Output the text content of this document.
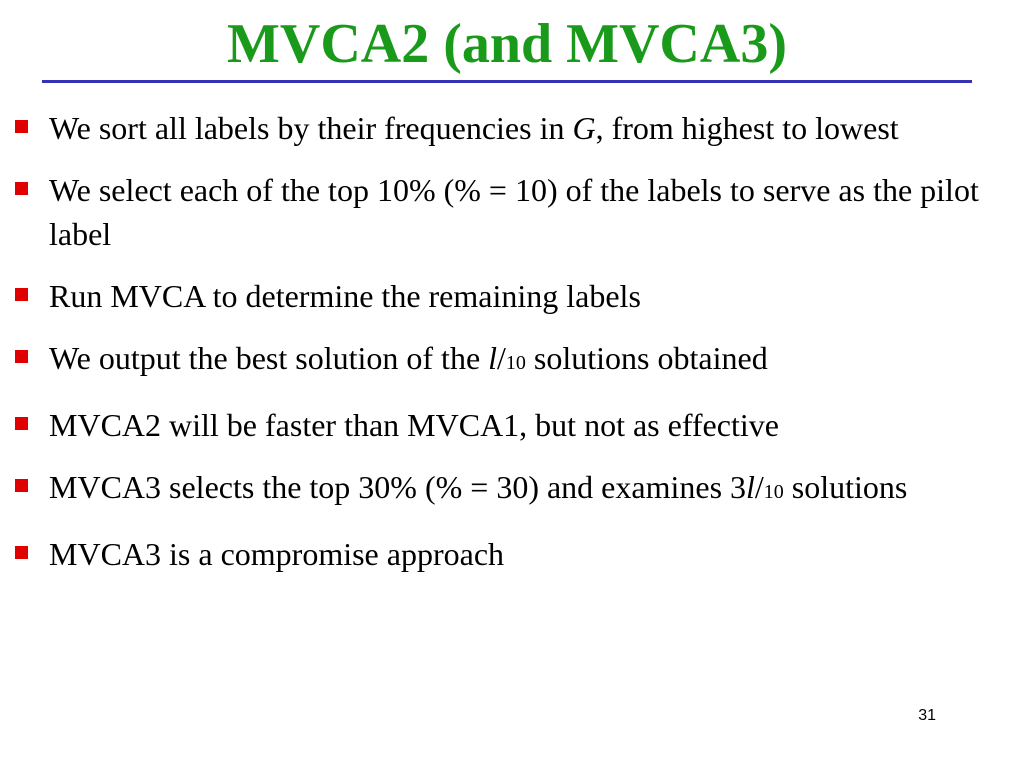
MVCA2 (and MVCA3)
We sort all labels by their frequencies in G, from highest to lowest
We select each of the top 10% (% = 10) of the labels to serve as the pilot label
Run MVCA to determine the remaining labels
We output the best solution of the l/10 solutions obtained
MVCA2 will be faster than MVCA1, but not as effective
MVCA3 selects the top 30% (% = 30) and examines 3l/10 solutions
MVCA3 is a compromise approach
31
